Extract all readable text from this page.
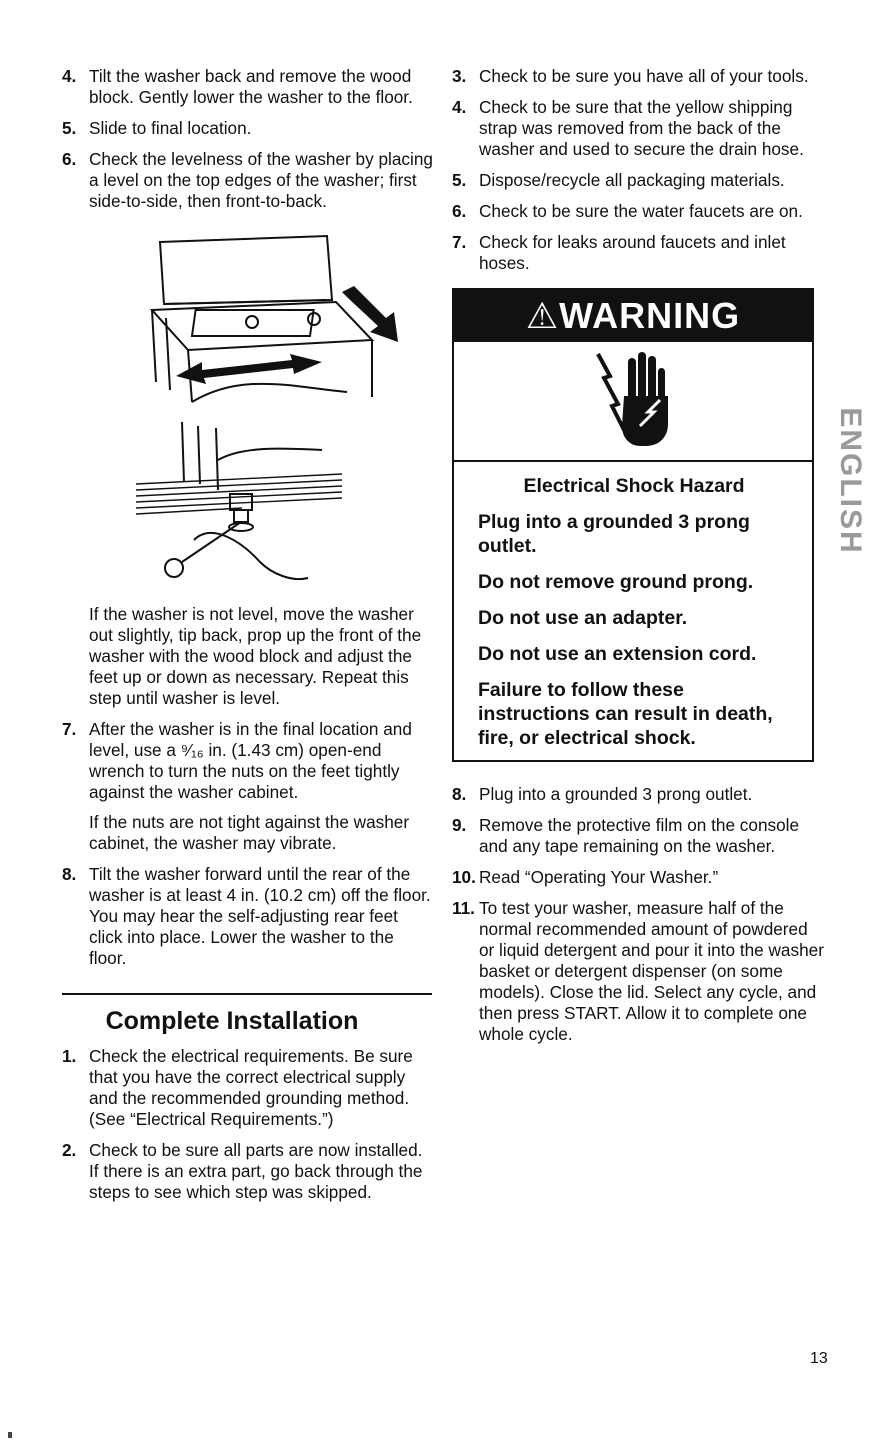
4. Tilt the washer back and remove the wood block. Gently lower the washer to the floor.
5. Slide to final location.
6. Check the levelness of the washer by placing a level on the top edges of the washer; first side-to-side, then front-to-back.

If the washer is not level, move the washer out slightly, tip back, prop up the front of the washer with the wood block and adjust the feet up or down as necessary. Repeat this step until washer is level.

7. After the washer is in the final location and level, use a ⁹⁄₁₆ in. (1.43 cm) open-end wrench to turn the nuts on the feet tightly against the washer cabinet.
If the nuts are not tight against the washer cabinet, the washer may vibrate.
8. Tilt the washer forward until the rear of the washer is at least 4 in. (10.2 cm) off the floor. You may hear the self-adjusting rear feet click into place. Lower the washer to the floor.
Complete Installation
1. Check the electrical requirements. Be sure that you have the correct electrical supply and the recommended grounding method. (See “Electrical Requirements.”)
2. Check to be sure all parts are now installed. If there is an extra part, go back through the steps to see which step was skipped.
3. Check to be sure you have all of your tools.
4. Check to be sure that the yellow shipping strap was removed from the back of the washer and used to secure the drain hose.
5. Dispose/recycle all packaging materials.
6. Check to be sure the water faucets are on.
7. Check for leaks around faucets and inlet hoses.
⚠WARNING
Electrical Shock Hazard
Plug into a grounded 3 prong outlet.
Do not remove ground prong.
Do not use an adapter.
Do not use an extension cord.
Failure to follow these instructions can result in death, fire, or electrical shock.
8. Plug into a grounded 3 prong outlet.
9. Remove the protective film on the console and any tape remaining on the washer.
10. Read “Operating Your Washer.”
11. To test your washer, measure half of the normal recommended amount of powdered or liquid detergent and pour it into the washer basket or detergent dispenser (on some models). Close the lid. Select any cycle, and then press START. Allow it to complete one whole cycle.
ENGLISH
13
